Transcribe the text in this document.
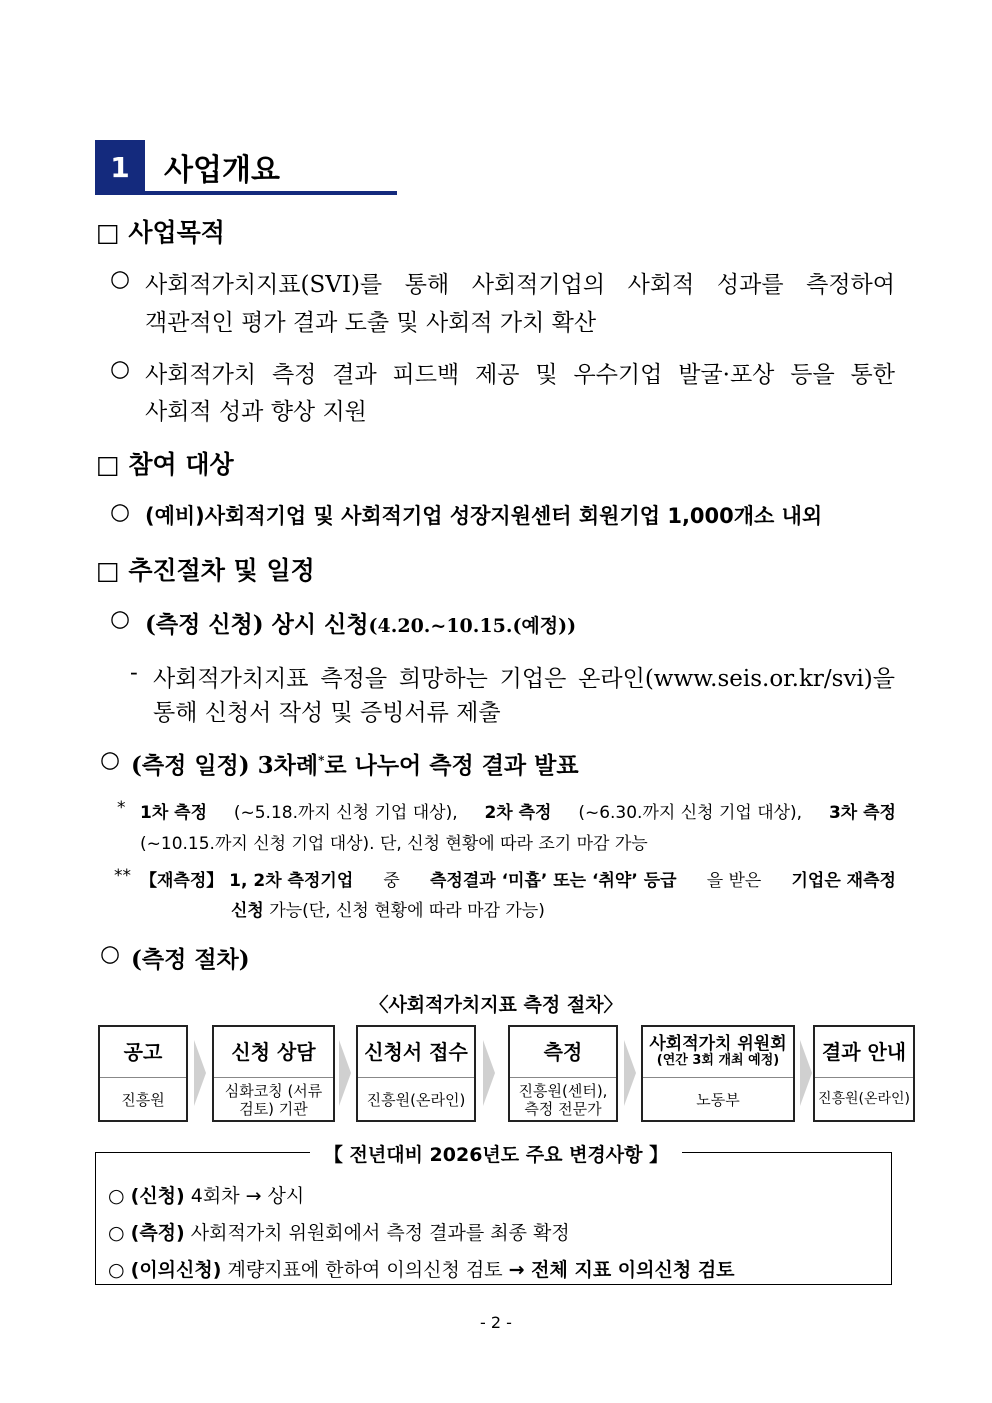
1	사업개요
□ 사업목적
○ 사회적가치지표(SVI)를 통해 사회적기업의 사회적 성과를 측정하여
객관적인 평가 결과 도출 및 사회적 가치 확산
○ 사회적가치 측정 결과 피드백 제공 및 우수기업 발굴·포상 등을 통한
사회적 성과 향상 지원
□ 참여 대상
○ (예비)사회적기업 및 사회적기업 성장지원센터 회원기업 1,000개소 내외
□ 추진절차 및 일정
○ (측정 신청) 상시 신청(4.20.~10.15.(예정))
- 사회적가치지표 측정을 희망하는 기업은 온라인(www.seis.or.kr/svi)을
통해 신청서 작성 및 증빙서류 제출
○ (측정 일정) 3차례*로 나누어 측정 결과 발표
* 1차 측정 (~5.18.까지 신청 기업 대상), 2차 측정 (~6.30.까지 신청 기업 대상), 3차 측정
(~10.15.까지 신청 기업 대상). 단, 신청 현황에 따라 조기 마감 가능
** 【재측정】 1, 2차 측정기업 중 측정결과 ‘미흡’ 또는 ‘취약’ 등급 을 받은 기업은 재측정
신청 가능(단, 신청 현황에 따라 마감 가능)
○ (측정 절차)
〈사회적가치지표 측정 절차〉
공고
진흥원
신청 상담
심화코칭 (서류검토) 기관
신청서 접수
진흥원(온라인)
측정
진흥원(센터), 측정 전문가
사회적가치 위원회
(연간 3회 개최 예정)
노동부
결과 안내
진흥원(온라인)
【 전년대비 2026년도 주요 변경사항 】
○ (신청) 4회차 → 상시
○ (측정) 사회적가치 위원회에서 측정 결과를 최종 확정
○ (이의신청) 계량지표에 한하여 이의신청 검토 → 전체 지표 이의신청 검토
- 2 -
